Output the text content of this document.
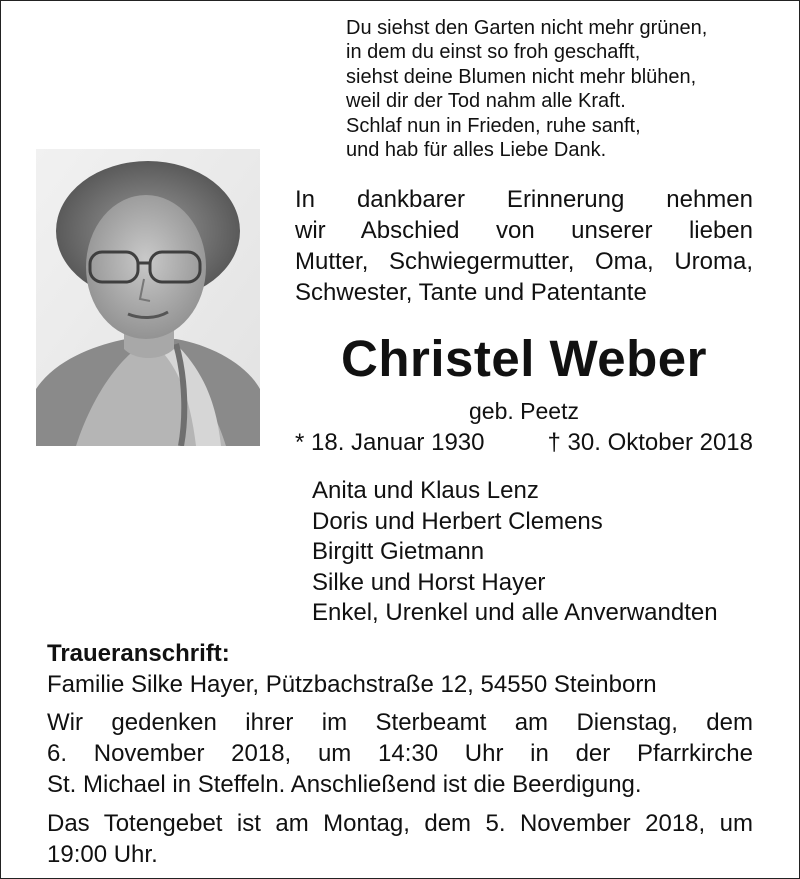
Du siehst den Garten nicht mehr grünen,
in dem du einst so froh geschafft,
siehst deine Blumen nicht mehr blühen,
weil dir der Tod nahm alle Kraft.
Schlaf nun in Frieden, ruhe sanft,
und hab für alles Liebe Dank.
In dankbarer Erinnerung nehmen
wir Abschied von unserer lieben
Mutter, Schwiegermutter, Oma, Uroma,
Schwester, Tante und Patentante
Christel Weber
geb. Peetz
* 18. Januar 1930	† 30. Oktober 2018
Anita und Klaus Lenz
Doris und Herbert Clemens
Birgitt Gietmann
Silke und Horst Hayer
Enkel, Urenkel und alle Anverwandten
Traueranschrift:
Familie Silke Hayer, Pützbachstraße 12, 54550 Steinborn
Wir gedenken ihrer im Sterbeamt am Dienstag, dem
6. November 2018, um 14:30 Uhr in der Pfarrkirche
St. Michael in Steffeln. Anschließend ist die Beerdigung.
Das Totengebet ist am Montag, dem 5. November 2018, um
19:00 Uhr.
